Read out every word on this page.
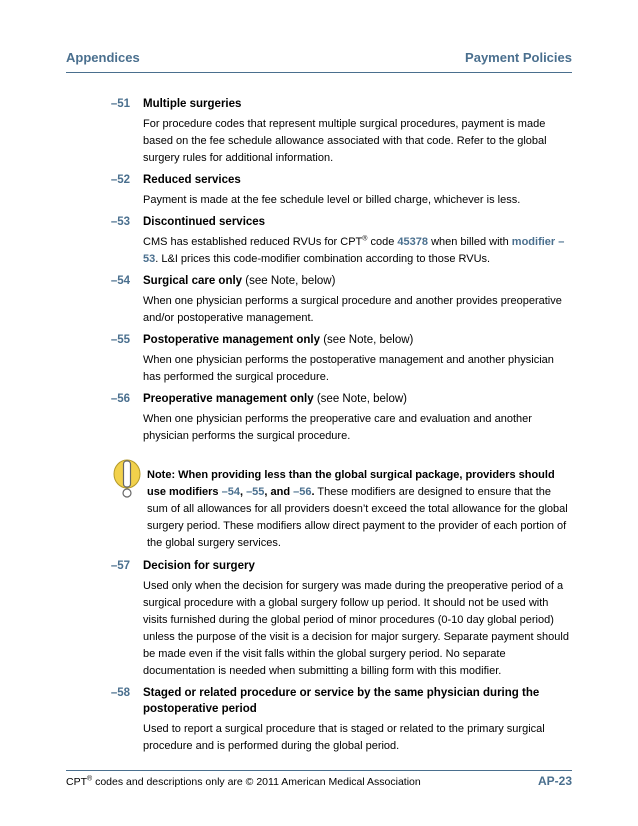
Appendices	Payment Policies
–51	Multiple surgeries
For procedure codes that represent multiple surgical procedures, payment is made based on the fee schedule allowance associated with that code. Refer to the global surgery rules for additional information.
–52	Reduced services
Payment is made at the fee schedule level or billed charge, whichever is less.
–53	Discontinued services
CMS has established reduced RVUs for CPT® code 45378 when billed with modifier –53. L&I prices this code-modifier combination according to those RVUs.
–54	Surgical care only (see Note, below)
When one physician performs a surgical procedure and another provides preoperative and/or postoperative management.
–55	Postoperative management only (see Note, below)
When one physician performs the postoperative management and another physician has performed the surgical procedure.
–56	Preoperative management only (see Note, below)
When one physician performs the preoperative care and evaluation and another physician performs the surgical procedure.
Note: When providing less than the global surgical package, providers should use modifiers –54, –55, and –56. These modifiers are designed to ensure that the sum of all allowances for all providers doesn’t exceed the total allowance for the global surgery period. These modifiers allow direct payment to the provider of each portion of the global surgery services.
–57	Decision for surgery
Used only when the decision for surgery was made during the preoperative period of a surgical procedure with a global surgery follow up period. It should not be used with visits furnished during the global period of minor procedures (0-10 day global period) unless the purpose of the visit is a decision for major surgery. Separate payment should be made even if the visit falls within the global surgery period. No separate documentation is needed when submitting a billing form with this modifier.
–58	Staged or related procedure or service by the same physician during the postoperative period
Used to report a surgical procedure that is staged or related to the primary surgical procedure and is performed during the global period.
CPT® codes and descriptions only are © 2011 American Medical Association	AP-23
